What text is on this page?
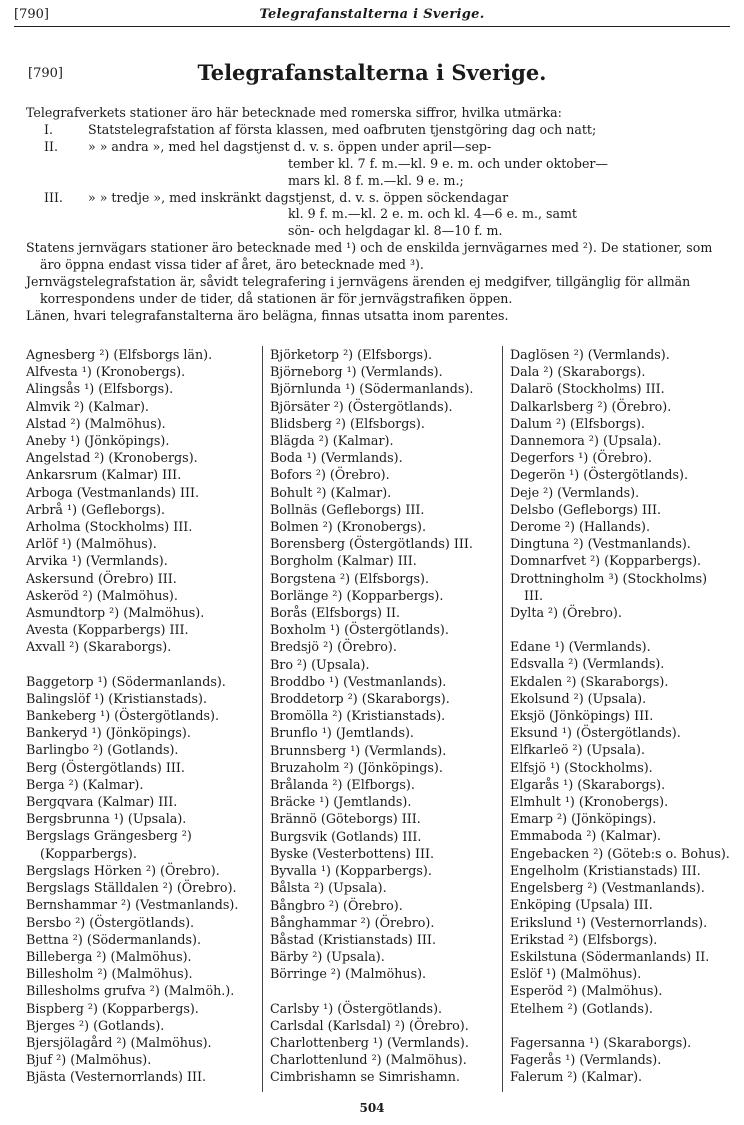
[790]	Telegrafanstalterna i Sverige.
[790]	Telegrafanstalterna i Sverige.

Telegrafverkets stationer äro här betecknade med romerska siffror, hvilka utmärka:

I.	Statstelegrafstation af första klassen, med oafbruten tjenstgöring dag och natt;
II.	» » andra », med hel dagstjenst d. v. s. öppen under april—sep-
tember kl. 7 f. m.—kl. 9 e. m. och under oktober—
mars kl. 8 f. m.—kl. 9 e. m.;
III.	» » tredje », med inskränkt dagstjenst, d. v. s. öppen söckendagar
kl. 9 f. m.—kl. 2 e. m. och kl. 4—6 e. m., samt
sön- och helgdagar kl. 8—10 f. m.

Statens jernvägars stationer äro betecknade med ¹) och de enskilda jernvägarnes med ²). De stationer, som äro öppna endast vissa tider af året, äro betecknade med ³).

Jernvägstelegrafstation är, såvidt telegrafering i jernvägens ärenden ej medgifver, tillgänglig för allmän korrespondens under de tider, då stationen är för jernvägstrafiken öppen.

Länen, hvari telegrafanstalterna äro belägna, finnas utsatta inom parentes.

Agnesberg ²) (Elfsborgs län).
Alfvesta ¹) (Kronobergs).
Alingsås ¹) (Elfsborgs).
Almvik ²) (Kalmar).
Alstad ²) (Malmöhus).
Aneby ¹) (Jönköpings).
Angelstad ²) (Kronobergs).
Ankarsrum (Kalmar) III.
Arboga (Vestmanlands) III.
Arbrå ¹) (Gefleborgs).
Arholma (Stockholms) III.
Arlöf ¹) (Malmöhus).
Arvika ¹) (Vermlands).
Askersund (Örebro) III.
Askeröd ²) (Malmöhus).
Asmundtorp ²) (Malmöhus).
Avesta (Kopparbergs) III.
Axvall ²) (Skaraborgs).
Baggetorp ¹) (Södermanlands).
Balingslöf ¹) (Kristianstads).
Bankeberg ¹) (Östergötlands).
Bankeryd ¹) (Jönköpings).
Barlingbo ²) (Gotlands).
Berg (Östergötlands) III.
Berga ²) (Kalmar).
Bergqvara (Kalmar) III.
Bergsbrunna ¹) (Upsala).
Bergslags Grängesberg ²) (Kopparbergs).
Bergslags Hörken ²) (Örebro).
Bergslags Ställdalen ²) (Örebro).
Bernshammar ²) (Vestmanlands).
Bersbo ²) (Östergötlands).
Bettna ²) (Södermanlands).
Billeberga ²) (Malmöhus).
Billesholm ²) (Malmöhus).
Billesholms grufva ²) (Malmöh.).
Bispberg ²) (Kopparbergs).
Bjerges ²) (Gotlands).
Bjersjölagård ²) (Malmöhus).
Bjuf ²) (Malmöhus).
Bjästa (Vesternorrlands) III.
Björketorp ²) (Elfsborgs).
Björneborg ¹) (Vermlands).
Björnlunda ¹) (Södermanlands).
Björsäter ²) (Östergötlands).
Blidsberg ²) (Elfsborgs).
Blägda ²) (Kalmar).
Boda ¹) (Vermlands).
Bofors ²) (Örebro).
Bohult ²) (Kalmar).
Bollnäs (Gefleborgs) III.
Bolmen ²) (Kronobergs).
Borensberg (Östergötlands) III.
Borgholm (Kalmar) III.
Borgstena ²) (Elfsborgs).
Borlänge ²) (Kopparbergs).
Borås (Elfsborgs) II.
Boxholm ¹) (Östergötlands).
Bredsjö ²) (Örebro).
Bro ²) (Upsala).
Broddbo ¹) (Vestmanlands).
Broddetorp ²) (Skaraborgs).
Bromölla ²) (Kristianstads).
Brunflo ¹) (Jemtlands).
Brunnsberg ¹) (Vermlands).
Bruzaholm ²) (Jönköpings).
Brålanda ²) (Elfborgs).
Bräcke ¹) (Jemtlands).
Brännö (Göteborgs) III.
Burgsvik (Gotlands) III.
Byske (Vesterbottens) III.
Byvalla ¹) (Kopparbergs).
Bålsta ²) (Upsala).
Bångbro ²) (Örebro).
Bånghammar ²) (Örebro).
Båstad (Kristianstads) III.
Bärby ²) (Upsala).
Börringe ²) (Malmöhus).
Carlsby ¹) (Östergötlands).
Carlsdal (Karlsdal) ²) (Örebro).
Charlottenberg ¹) (Vermlands).
Charlottenlund ²) (Malmöhus).
Cimbrishamn se Simrishamn.
Daglösen ²) (Vermlands).
Dala ²) (Skaraborgs).
Dalarö (Stockholms) III.
Dalkarlsberg ²) (Örebro).
Dalum ²) (Elfsborgs).
Dannemora ²) (Upsala).
Degerfors ¹) (Örebro).
Degerön ¹) (Östergötlands).
Deje ²) (Vermlands).
Delsbo (Gefleborgs) III.
Derome ²) (Hallands).
Dingtuna ²) (Vestmanlands).
Domnarfvet ²) (Kopparbergs).
Drottningholm ³) (Stockholms) III.
Dylta ²) (Örebro).
Edane ¹) (Vermlands).
Edsvalla ²) (Vermlands).
Ekdalen ²) (Skaraborgs).
Ekolsund ²) (Upsala).
Eksjö (Jönköpings) III.
Eksund ¹) (Östergötlands).
Elfkarleö ²) (Upsala).
Elfsjö ¹) (Stockholms).
Elgarås ¹) (Skaraborgs).
Elmhult ¹) (Kronobergs).
Emarp ²) (Jönköpings).
Emmaboda ²) (Kalmar).
Engebacken ²) (Göteb:s o. Bohus).
Engelholm (Kristianstads) III.
Engelsberg ²) (Vestmanlands).
Enköping (Upsala) III.
Erikslund ¹) (Vesternorrlands).
Erikstad ²) (Elfsborgs).
Eskilstuna (Södermanlands) II.
Eslöf ¹) (Malmöhus).
Esperöd ²) (Malmöhus).
Etelhem ²) (Gotlands).
Fagersanna ¹) (Skaraborgs).
Fagerås ¹) (Vermlands).
Falerum ²) (Kalmar).
504
